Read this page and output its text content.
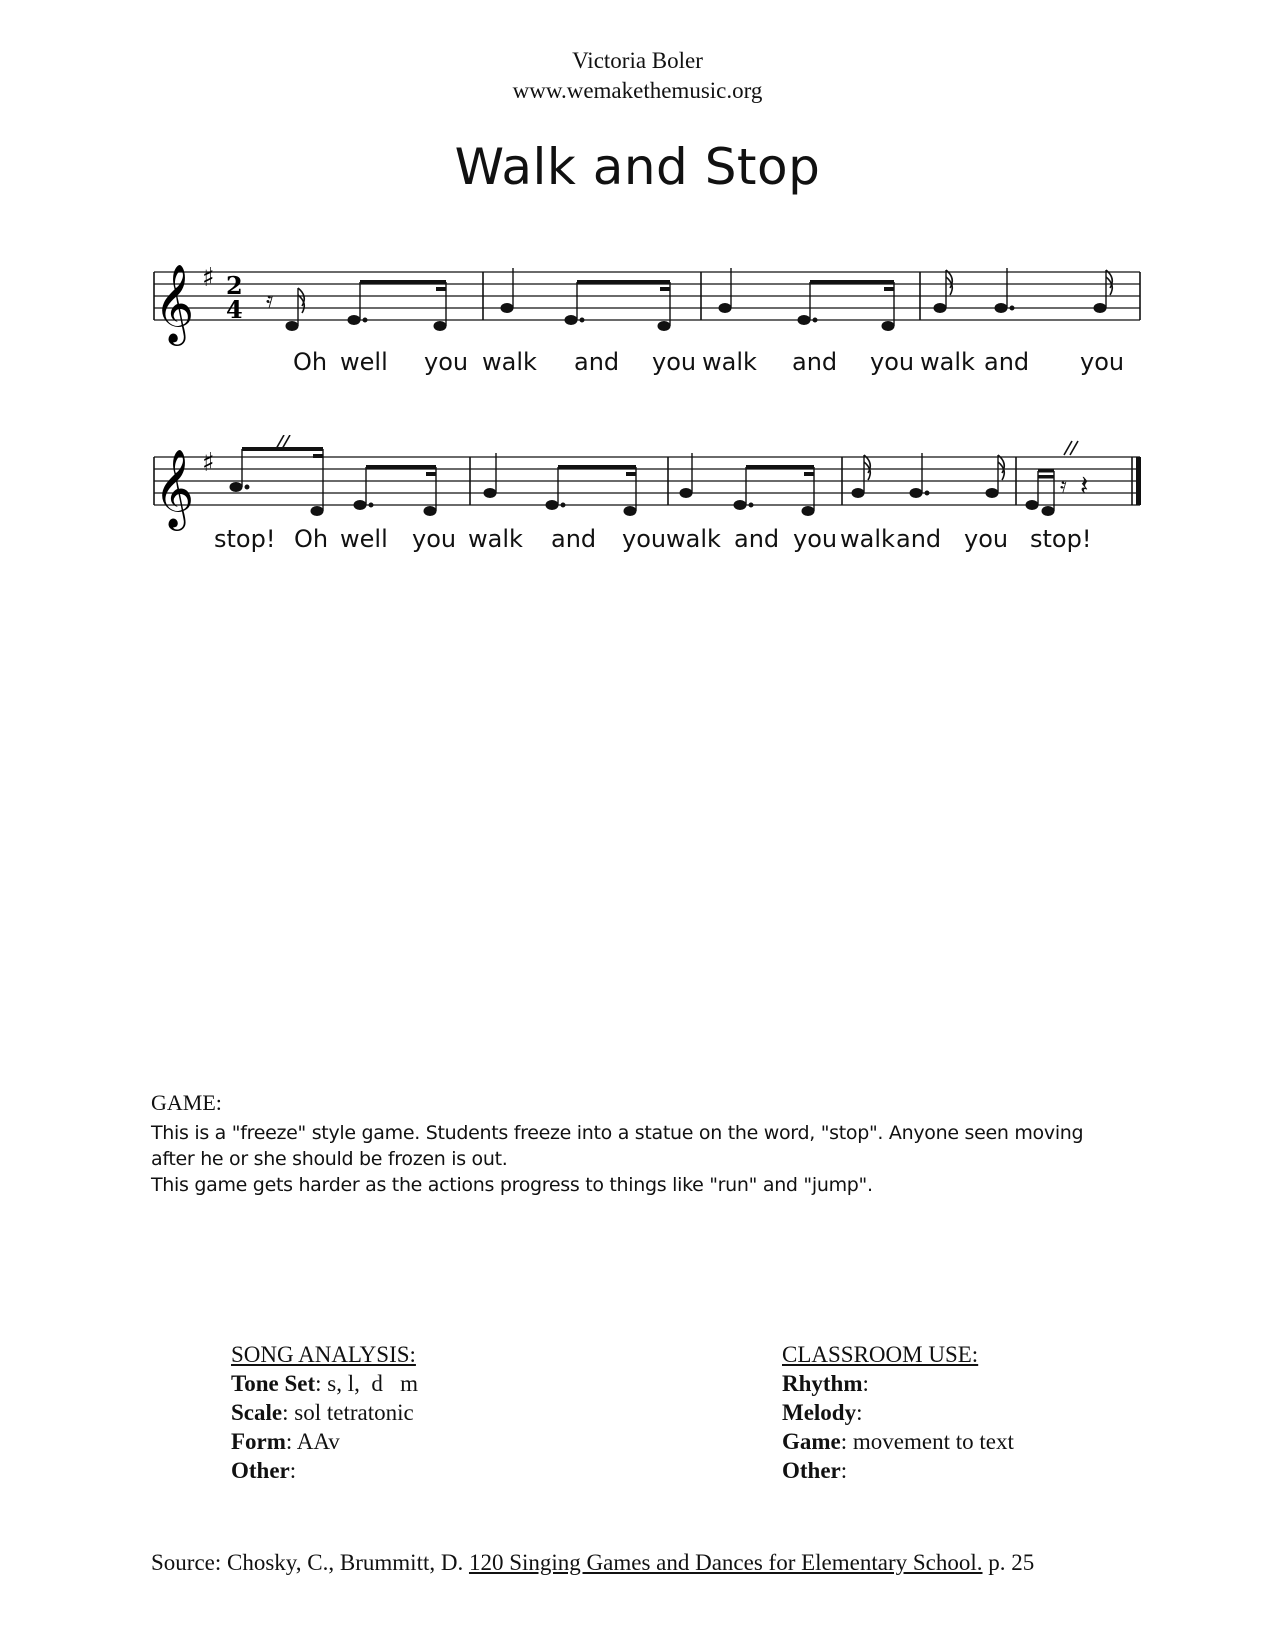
Victoria Boler
www.wemakethemusic.org
Walk and Stop
𝄞 ♯ 2
4 𝄿
Oh well you walk and you walk and you walk and you
𝄞 ♯
𝄿 𝄽
stop! Oh well you walk and you walk and you walk and you stop!
GAME:
This is a "freeze" style game. Students freeze into a statue on the word, "stop". Anyone seen moving
after he or she should be frozen is out.
This game gets harder as the actions progress to things like "run" and "jump".
SONG ANALYSIS:
Tone Set: s, l,  d   m
Scale: sol tetratonic
Form: AAv
Other:
CLASSROOM USE:
Rhythm:
Melody:
Game: movement to text
Other:
Source: Chosky, C., Brummitt, D. 120 Singing Games and Dances for Elementary School. p. 25
